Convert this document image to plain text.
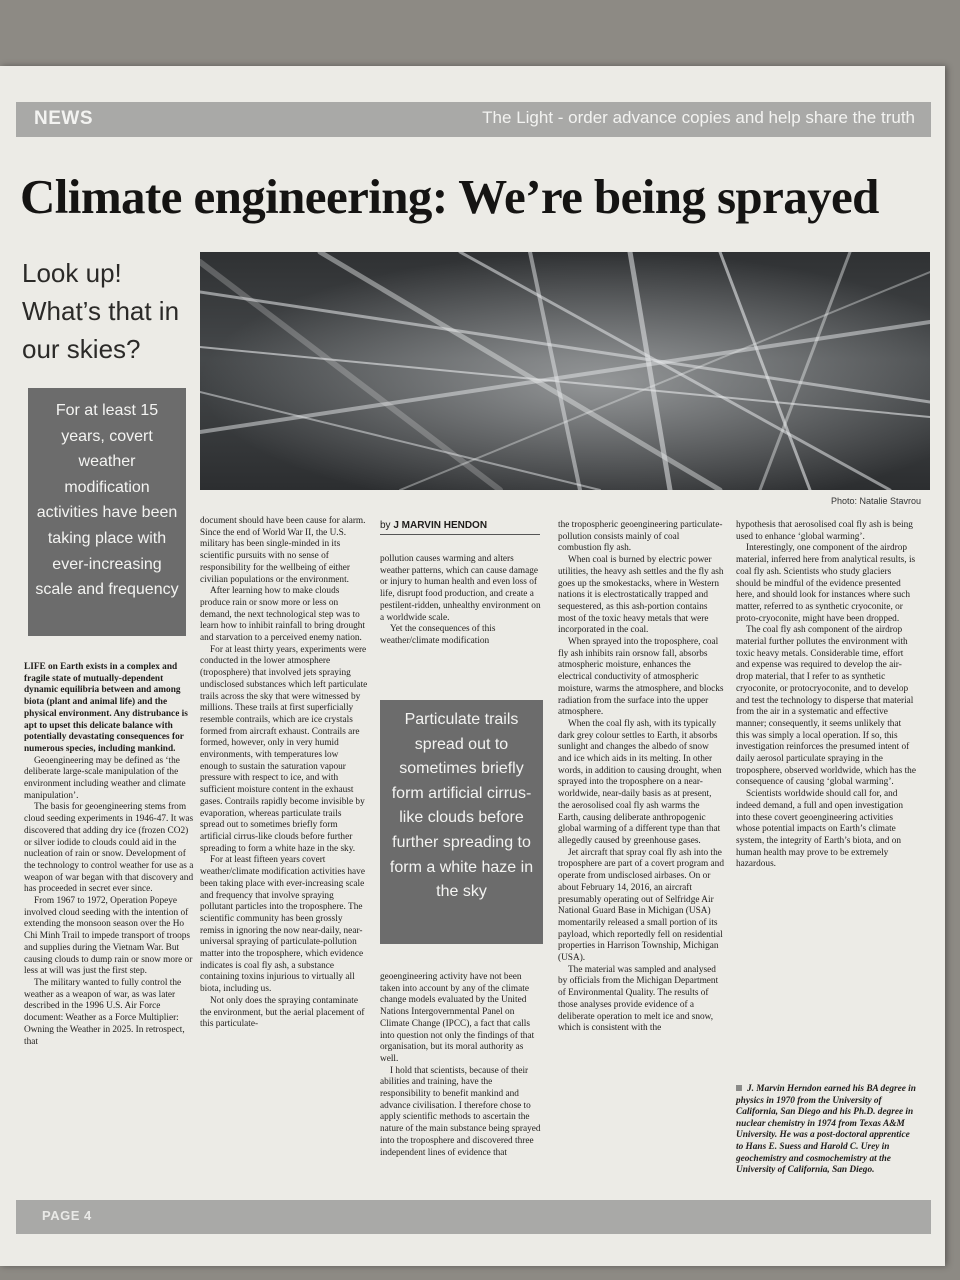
NEWS	The Light - order advance copies and help share the truth
Climate engineering: We’re being sprayed
Look up! What’s that in our skies?
Photo: Natalie Stavrou
For at least 15 years, covert weather modification activities have been taking place with ever-increasing scale and frequency

LIFE on Earth exists in a complex and fragile state of mutually-dependent dynamic equilibria between and among biota (plant and animal life) and the physical environment. Any distrubance is apt to upset this delicate balance with potentially devastating consequences for numerous species, including mankind.

Geoengineering may be defined as ‘the deliberate large-scale manipulation of the environment including weather and climate manipulation’.

The basis for geoengineering stems from cloud seeding experiments in 1946-47. It was discovered that adding dry ice (frozen CO2) or silver iodide to clouds could aid in the nucleation of rain or snow. Development of the technology to control weather for use as a weapon of war began with that discovery and has proceeded in secret ever since.

From 1967 to 1972, Operation Popeye involved cloud seeding with the intention of extending the monsoon season over the Ho Chi Minh Trail to impede transport of troops and supplies during the Vietnam War. But causing clouds to dump rain or snow more or less at will was just the first step.

The military wanted to fully control the weather as a weapon of war, as was later described in the 1996 U.S. Air Force document: Weather as a Force Multiplier: Owning the Weather in 2025. In retrospect, that

document should have been cause for alarm. Since the end of World War II, the U.S. military has been single-minded in its scientific pursuits with no sense of responsibility for the wellbeing of either civilian populations or the environment.

After learning how to make clouds produce rain or snow more or less on demand, the next technological step was to learn how to inhibit rainfall to bring drought and starvation to a perceived enemy nation.

For at least thirty years, experiments were conducted in the lower atmosphere (troposphere) that involved jets spraying undisclosed substances which left particulate trails across the sky that were witnessed by millions. These trails at first superficially resemble contrails, which are ice crystals formed from aircraft exhaust. Contrails are formed, however, only in very humid environments, with temperatures low enough to sustain the saturation vapour pressure with respect to ice, and with sufficient moisture content in the exhaust gases. Contrails rapidly become invisible by evaporation, whereas particulate trails spread out to sometimes briefly form artificial cirrus-like clouds before further spreading to form a white haze in the sky.

For at least fifteen years covert weather/climate modification activities have been taking place with ever-increasing scale and frequency that involve spraying pollutant particles into the troposphere. The scientific community has been grossly remiss in ignoring the now near-daily, near-universal spraying of particulate-pollution matter into the troposphere, which evidence indicates is coal fly ash, a substance containing toxins injurious to virtually all biota, including us.

Not only does the spraying contaminate the environment, but the aerial placement of this particulate-

by J MARVIN HENDON

pollution causes warming and alters weather patterns, which can cause damage or injury to human health and even loss of life, disrupt food production, and create a pestilent-ridden, unhealthy environment on a worldwide scale.

Yet the consequences of this weather/climate modification

Particulate trails spread out to sometimes briefly form artificial cirrus-like clouds before further spreading to form a white haze in the sky

geoengineering activity have not been taken into account by any of the climate change models evaluated by the United Nations Intergovernmental Panel on Climate Change (IPCC), a fact that calls into question not only the findings of that organisation, but its moral authority as well.

I hold that scientists, because of their abilities and training, have the responsibility to benefit mankind and advance civilisation. I therefore chose to apply scientific methods to ascertain the nature of the main substance being sprayed into the troposphere and discovered three independent lines of evidence that

the tropospheric geoengineering particulate-pollution consists mainly of coal combustion fly ash.

When coal is burned by electric power utilities, the heavy ash settles and the fly ash goes up the smokestacks, where in Western nations it is electrostatically trapped and sequestered, as this ash-portion contains most of the toxic heavy metals that were incorporated in the coal.

When sprayed into the troposphere, coal fly ash inhibits rain orsnow fall, absorbs atmospheric moisture, enhances the electrical conductivity of atmospheric moisture, warms the atmosphere, and blocks radiation from the surface into the upper atmosphere.

When the coal fly ash, with its typically dark grey colour settles to Earth, it absorbs sunlight and changes the albedo of snow and ice which aids in its melting. In other words, in addition to causing drought, when sprayed into the troposphere on a near-worldwide, near-daily basis as at present, the aerosolised coal fly ash warms the Earth, causing deliberate anthropogenic global warming of a different type than that allegedly caused by greenhouse gases.

Jet aircraft that spray coal fly ash into the troposphere are part of a covert program and operate from undisclosed airbases. On or about February 14, 2016, an aircraft presumably operating out of Selfridge Air National Guard Base in Michigan (USA) momentarily released a small portion of its payload, which reportedly fell on residential properties in Harrison Township, Michigan (USA).

The material was sampled and analysed by officials from the Michigan Department of Environmental Quality. The results of those analyses provide evidence of a deliberate operation to melt ice and snow, which is consistent with the

hypothesis that aerosolised coal fly ash is being used to enhance ‘global warming’.

Interestingly, one component of the airdrop material, inferred here from analytical results, is coal fly ash. Scientists who study glaciers should be mindful of the evidence presented here, and should look for instances where such matter, referred to as synthetic cryoconite, or proto-cryoconite, might have been dropped.

The coal fly ash component of the airdrop material further pollutes the environment with toxic heavy metals. Considerable time, effort and expense was required to develop the air-drop material, that I refer to as synthetic cryoconite, or protocryoconite, and to develop and test the technology to disperse that material from the air in a systematic and effective manner; consequently, it seems unlikely that this was simply a local operation. If so, this investigation reinforces the presumed intent of daily aerosol particulate spraying in the troposphere, observed worldwide, which has the consequence of causing ‘global warming’.

Scientists worldwide should call for, and indeed demand, a full and open investigation into these covert geoengineering activities whose potential impacts on Earth’s climate system, the integrity of Earth’s biota, and on human health may prove to be extremely hazardous.

J. Marvin Herndon earned his BA degree in physics in 1970 from the University of California, San Diego and his Ph.D. degree in nuclear chemistry in 1974 from Texas A&M University. He was a post-doctoral apprentice to Hans E. Suess and Harold C. Urey in geochemistry and cosmochemistry at the University of California, San Diego.
PAGE 4
